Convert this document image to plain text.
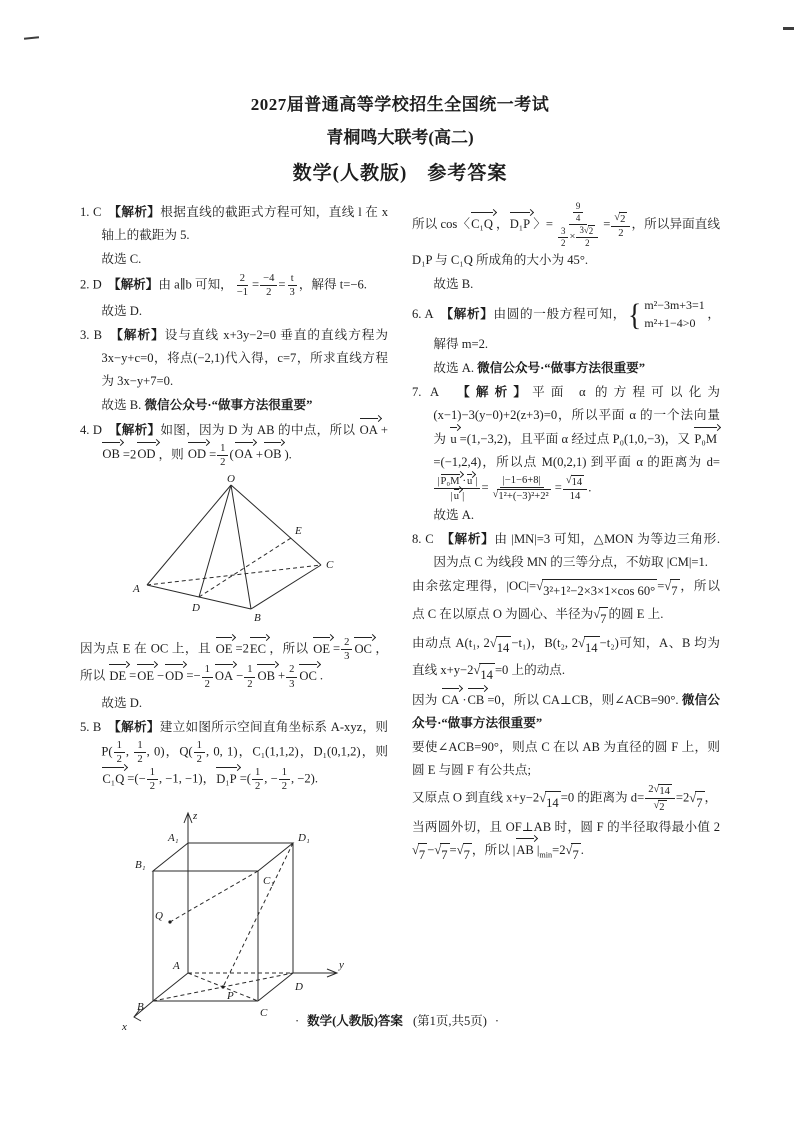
2027届普通高等学校招生全国统一考试
青桐鸣大联考(高二)
数学(人教版)　参考答案

1. C　【解析】根据直线的截距式方程可知，直线 l 在 x 轴上的截距为 5.

故选 C.

2. D　【解析】由 a∥b 可知， $\frac{2}{-1} = \frac{-4}{2} = \frac{t}{3}$ ，解得 t=−6.

故选 D.

3. B　【解析】设与直线 x+3y−2=0 垂直的直线方程为 3x−y+c=0，将点(−2,1)代入得，c=7，所求直线方程为 3x−y+7=0.

故选 B. 微信公众号·“做事方法很重要”

4. D　【解析】如图，因为 D 为 AB 的中点，所以 OA +OB =2OD ，则 OD = $\frac{1}{2} (OA +OB$ ).

O
A
B
C
D
E

因为点 E 在 OC 上，且 OE =2EC ，所以 OE = $\frac{2}{3}$ OC ，所以 DE $=OE -OD =- \frac{1}{2}$ OA − $\frac{1}{2}$ OB + $\frac{2}{3}$ OC .

故选 D.

5. B　【解析】建立如图所示空间直角坐标系 A-xyz，则 $P( \frac{1}{2}$ , $\frac{1}{2}$ , 0)，$Q( \frac{1}{2}$ , 0, 1)，C₁(1,1,2)，D₁(0,1,2)，则 C₁Q =(− $\frac{1}{2}$ , −1, −1)，D₁P =( $\frac{1}{2}$ , − $\frac{1}{2}$ , −2).

z
A₁	D₁
B₁
C₁
Q
P
A
B	C
D
x
y

所以 cos〈C₁Q ，D₁P 〉= $\frac{\frac{9}{4}}{\frac{3}{2} \times \frac{3 √ 2}{2}} = \frac{√ 2}{2}$ ，所以异面直线 D₁P 与 C₁Q 所成角的大小为 45°.

故选 B.

6. A　【解析】由圆的一般方程可知， { m²−3m+3=1
m²+1−4>0
，解得 m=2.

故选 A. 微信公众号·“做事方法很重要”

7. A　【解析】平面 α 的方程可以化为 (x−1)−3(y−0)+2(z+3)=0，所以平面 α 的一个法向量为 u =(1,−3,2)，且平面 α 经过点 P₀(1,0,−3)，又 P₀M=(−1,2,4)，所以点 M(0,2,1) 到平面 α 的距离为 d=
$\frac{\text{|P₀M ·u |}}{|u |} = \frac{|-1-6+8|}{\text{√ 1²+(−3)²+2²}} = \frac{√ 14}{14}$ .

故选 A.

8. C　【解析】由 |MN|=3 可知，△MON 为等边三角形. 因为点 C 为线段 MN 的三等分点，不妨取 |CM|=1.

由余弦定理得，|OC|= √ 3²+1²−2×3×1×cos 60° = √ 7 ，所以点 C 在以原点 O 为圆心、半径为 √ 7 的圆 E 上.

由动点 A(t₁, 2 √ 14 −t₁)，B(t₂, 2 √ 14 −t₂)可知，A、B 均为直线 x+y−2 √ 14 =0 上的动点.

因为 CA ·CB =0，所以 CA⊥CB，则∠ACB=90°. 微信公众号·“做事方法很重要”

要使∠ACB=90°，则点 C 在以 AB 为直径的圆 F 上，则圆 E 与圆 F 有公共点;

又原点 O 到直线 x+y−2 √ 14 =0 的距离为 $d= \frac{2 √ 14}{√ 2} =2$ √ 7 ，

当两圆外切，且 OF⊥AB 时，圆 F 的半径取得最小值 2
√ 7 − √ 7 = √ 7 ，所以 |AB $|_{min}=2$ √ 7 .

· 数学(人教版)答案 (第1页,共5页) ·
